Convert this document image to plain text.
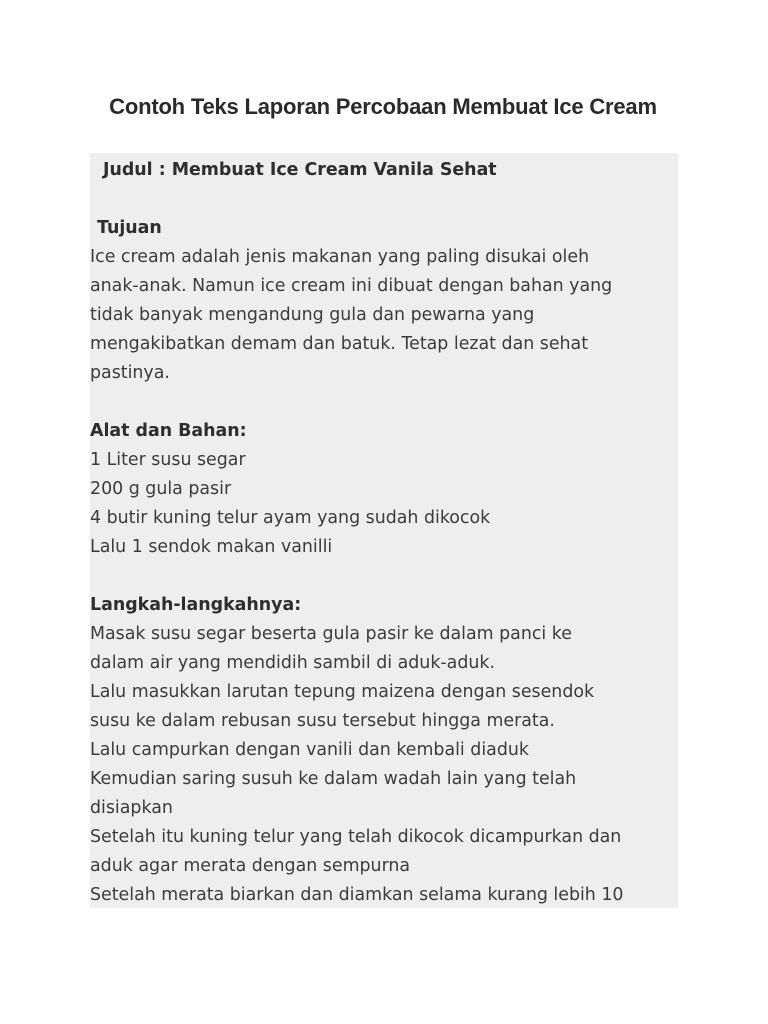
Contoh Teks Laporan Percobaan Membuat Ice Cream
Judul : Membuat Ice Cream Vanila Sehat
Tujuan
Ice cream adalah jenis makanan yang paling disukai oleh
anak-anak. Namun ice cream ini dibuat dengan bahan yang
tidak banyak mengandung gula dan pewarna yang
mengakibatkan demam dan batuk. Tetap lezat dan sehat
pastinya.
Alat dan Bahan:
1 Liter susu segar
200 g gula pasir
4 butir kuning telur ayam yang sudah dikocok
Lalu 1 sendok makan vanilli
Langkah-langkahnya:
Masak susu segar beserta gula pasir ke dalam panci ke
dalam air yang mendidih sambil di aduk-aduk.
Lalu masukkan larutan tepung maizena dengan sesendok
susu ke dalam rebusan susu tersebut hingga merata.
Lalu campurkan dengan vanili dan kembali diaduk
Kemudian saring susuh ke dalam wadah lain yang telah
disiapkan
Setelah itu kuning telur yang telah dikocok dicampurkan dan
aduk agar merata dengan sempurna
Setelah merata biarkan dan diamkan selama kurang lebih 10
